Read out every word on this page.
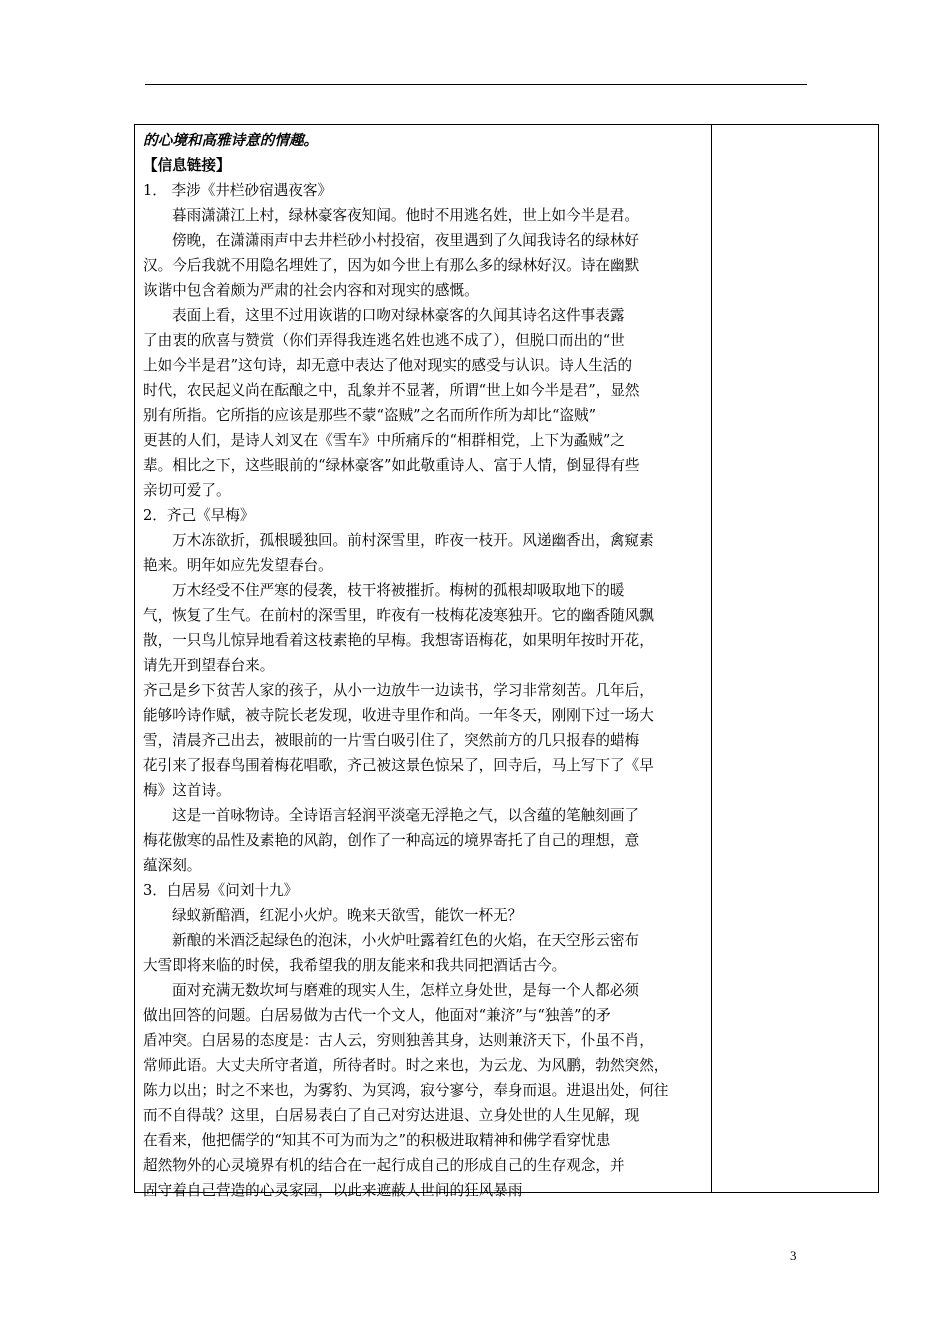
的心境和高雅诗意的情趣。
【信息链接】
1． 李涉《井栏砂宿遇夜客》
暮雨潇潇江上村，绿林豪客夜知闻。他时不用逃名姓，世上如今半是君。
傍晚，在潇潇雨声中去井栏砂小村投宿，夜里遇到了久闻我诗名的绿林好
汉。今后我就不用隐名埋姓了，因为如今世上有那么多的绿林好汉。诗在幽默
诙谐中包含着颇为严肃的社会内容和对现实的感慨。
表面上看，这里不过用诙谐的口吻对绿林豪客的久闻其诗名这件事表露
了由衷的欣喜与赞赏（你们弄得我连逃名姓也逃不成了），但脱口而出的“世
上如今半是君”这句诗，却无意中表达了他对现实的感受与认识。诗人生活的
时代，农民起义尚在酝酿之中，乱象并不显著，所谓“世上如今半是君”，显然
别有所指。它所指的应该是那些不蒙“盗贼”之名而所作所为却比“盗贼”
更甚的人们，是诗人刘叉在《雪车》中所痛斥的“相群相党，上下为蟊贼”之
辈。相比之下，这些眼前的“绿林豪客”如此敬重诗人、富于人情，倒显得有些
亲切可爱了。
2．齐己《早梅》
万木冻欲折，孤根暖独回。前村深雪里，昨夜一枝开。风递幽香出，禽窥素
艳来。明年如应先发望春台。
万木经受不住严寒的侵袭，枝干将被摧折。梅树的孤根却吸取地下的暖
气，恢复了生气。在前村的深雪里，昨夜有一枝梅花凌寒独开。它的幽香随风飘
散，一只鸟儿惊异地看着这枝素艳的早梅。我想寄语梅花，如果明年按时开花，
请先开到望春台来。
齐己是乡下贫苦人家的孩子，从小一边放牛一边读书，学习非常刻苦。几年后，
能够吟诗作赋，被寺院长老发现，收进寺里作和尚。一年冬天，刚刚下过一场大
雪，清晨齐己出去，被眼前的一片雪白吸引住了，突然前方的几只报春的蜡梅
花引来了报春鸟围着梅花唱歌，齐己被这景色惊呆了，回寺后，马上写下了《早
梅》这首诗。
这是一首咏物诗。全诗语言轻润平淡毫无浮艳之气，以含蕴的笔触刻画了
梅花傲寒的品性及素艳的风韵，创作了一种高远的境界寄托了自己的理想，意
蕴深刻。
3．白居易《问刘十九》
绿蚁新醅酒，红泥小火炉。晚来天欲雪，能饮一杯无？
新酿的米酒泛起绿色的泡沫，小火炉吐露着红色的火焰，在天空彤云密布
大雪即将来临的时侯，我希望我的朋友能来和我共同把酒话古今。
面对充满无数坎坷与磨难的现实人生，怎样立身处世，是每一个人都必须
做出回答的问题。白居易做为古代一个文人，他面对“兼济”与“独善”的矛
盾冲突。白居易的态度是：古人云，穷则独善其身，达则兼济天下，仆虽不肖，
常师此语。大丈夫所守者道，所待者时。时之来也，为云龙、为风鹏，勃然突然，
陈力以出；时之不来也，为雾豹、为冥鸿，寂兮寥兮，奉身而退。进退出处，何往
而不自得哉？这里，白居易表白了自己对穷达进退、立身处世的人生见解，现
在看来，他把儒学的“知其不可为而为之”的积极进取精神和佛学看穿忧患
超然物外的心灵境界有机的结合在一起行成自己的形成自己的生存观念，并
固守着自己营造的心灵家园，以此来遮蔽人世间的狂风暴雨
3
